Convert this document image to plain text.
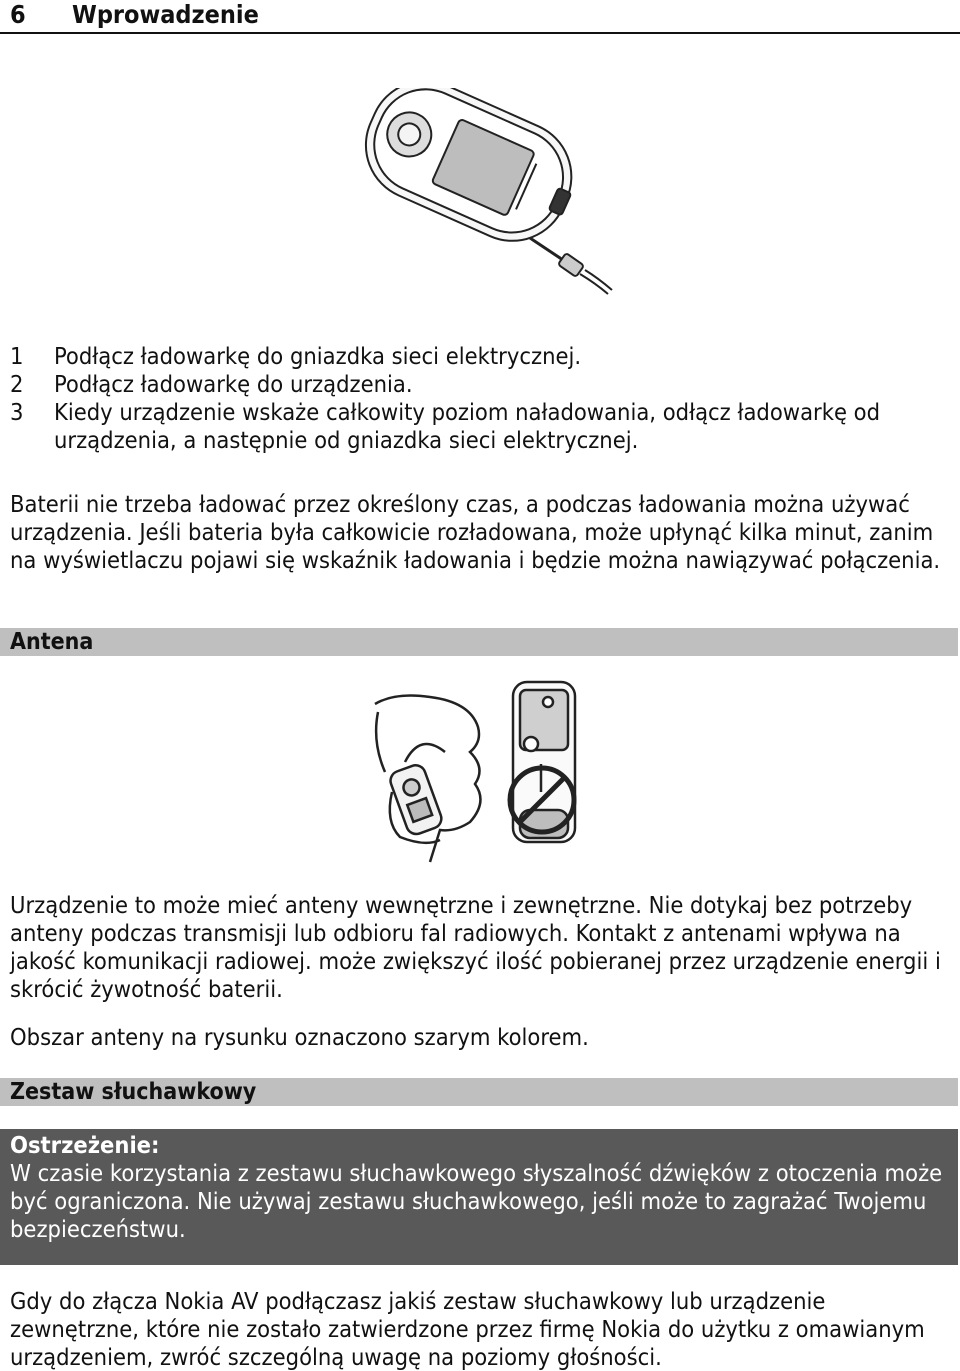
6 Wprowadzenie
1	Podłącz ładowarkę do gniazdka sieci elektrycznej.
2	Podłącz ładowarkę do urządzenia.
3	Kiedy urządzenie wskaże całkowity poziom naładowania, odłącz ładowarkę od urządzenia, a następnie od gniazdka sieci elektrycznej.
Baterii nie trzeba ładować przez określony czas, a podczas ładowania można używać urządzenia. Jeśli bateria była całkowicie rozładowana, może upłynąć kilka minut, zanim na wyświetlaczu pojawi się wskaźnik ładowania i będzie można nawiązywać połączenia.
Antena
Urządzenie to może mieć anteny wewnętrzne i zewnętrzne. Nie dotykaj bez potrzeby anteny podczas transmisji lub odbioru fal radiowych. Kontakt z antenami wpływa na jakość komunikacji radiowej. może zwiększyć ilość pobieranej przez urządzenie energii i skrócić żywotność baterii.
Obszar anteny na rysunku oznaczono szarym kolorem.
Zestaw słuchawkowy
Ostrzeżenie:
W czasie korzystania z zestawu słuchawkowego słyszalność dźwięków z otoczenia może być ograniczona. Nie używaj zestawu słuchawkowego, jeśli może to zagrażać Twojemu bezpieczeństwu.
Gdy do złącza Nokia AV podłączasz jakiś zestaw słuchawkowy lub urządzenie zewnętrzne, które nie zostało zatwierdzone przez firmę Nokia do użytku z omawianym urządzeniem, zwróć szczególną uwagę na poziomy głośności.
